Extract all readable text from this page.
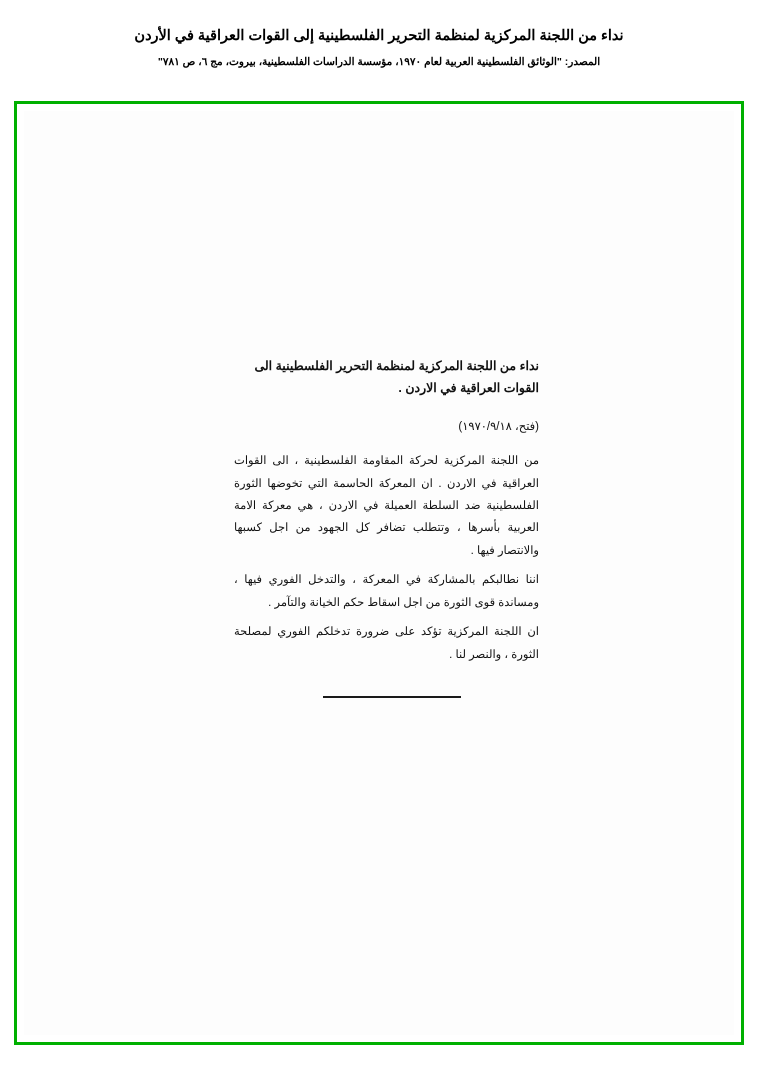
نداء من اللجنة المركزية لمنظمة التحرير الفلسطينية إلى القوات العراقية في الأردن
المصدر: "الوثائق الفلسطينية العربية لعام ١٩٧٠، مؤسسة الدراسات الفلسطينية، بيروت، مج ٦، ص ٧٨١"
نداء من اللجنة المركزية لمنظمة التحرير الفلسطينية الى القوات العراقية في الاردن .
(فتح، ١٩٧٠/٩/١٨)

من اللجنة المركزية لحركة المقاومة الفلسطينية ، الى القوات العراقية في الاردن . ان المعركة الحاسمة التي تخوضها الثورة الفلسطينية ضد السلطة العميلة في الاردن ، هي معركة الامة العربية بأسرها ، وتتطلب تضافر كل الجهود من اجل كسبها والانتصار فيها .

اننا نطالبكم بالمشاركة في المعركة ، والتدخل الفوري فيها ، ومساندة قوى الثورة من اجل اسقاط حكم الخيانة والتآمر .

ان اللجنة المركزية تؤكد على ضرورة تدخلكم الفوري لمصلحة الثورة ، والنصر لنا .
